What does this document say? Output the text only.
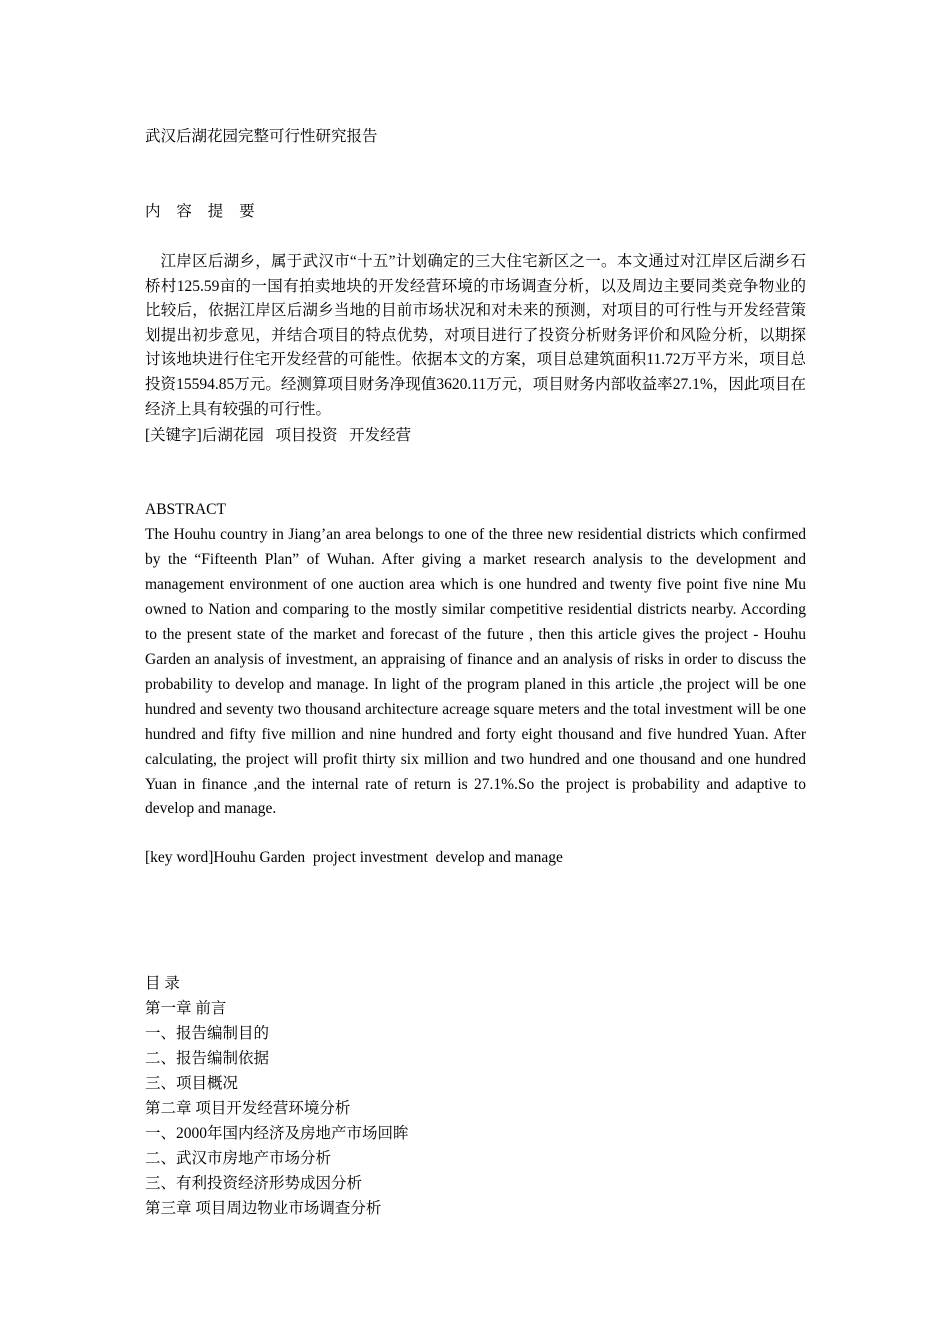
武汉后湖花园完整可行性研究报告
内 容 提 要
江岸区后湖乡，属于武汉市“十五”计划确定的三大住宅新区之一。本文通过对江岸区后湖乡石桥村125.59亩的一国有拍卖地块的开发经营环境的市场调查分析，以及周边主要同类竞争物业的比较后，依据江岸区后湖乡当地的目前市场状况和对未来的预测，对项目的可行性与开发经营策划提出初步意见，并结合项目的特点优势，对项目进行了投资分析财务评价和风险分析，以期探讨该地块进行住宅开发经营的可能性。依据本文的方案，项目总建筑面积11.72万平方米，项目总投资15594.85万元。经测算项目财务净现值3620.11万元，项目财务内部收益率27.1%，因此项目在经济上具有较强的可行性。
[关键字]后湖花园   项目投资   开发经营
ABSTRACT
The Houhu country in Jiang’an area belongs to one of the three new residential districts which confirmed by the “Fifteenth Plan” of Wuhan. After giving a market research analysis to the development and management environment of one auction area which is one hundred and twenty five point five nine Mu owned to Nation and comparing to the mostly similar competitive residential districts nearby. According to the present state of the market and forecast of the future , then this article gives the project - Houhu Garden an analysis of investment, an appraising of finance and an analysis of risks in order to discuss the probability to develop and manage. In light of the program planed in this article ,the project will be one hundred and seventy two thousand architecture acreage square meters and the total investment will be one hundred and fifty five million and nine hundred and forty eight thousand and five hundred Yuan. After calculating, the project will profit thirty six million and two hundred and one thousand and one hundred Yuan in finance ,and the internal rate of return is 27.1%.So the project is probability and adaptive to develop and manage.
[key word]Houhu Garden  project investment  develop and manage
目 录
第一章 前言
一、报告编制目的
二、报告编制依据
三、项目概况
第二章 项目开发经营环境分析
一、2000年国内经济及房地产市场回眸
二、武汉市房地产市场分析
三、有利投资经济形势成因分析
第三章 项目周边物业市场调查分析
